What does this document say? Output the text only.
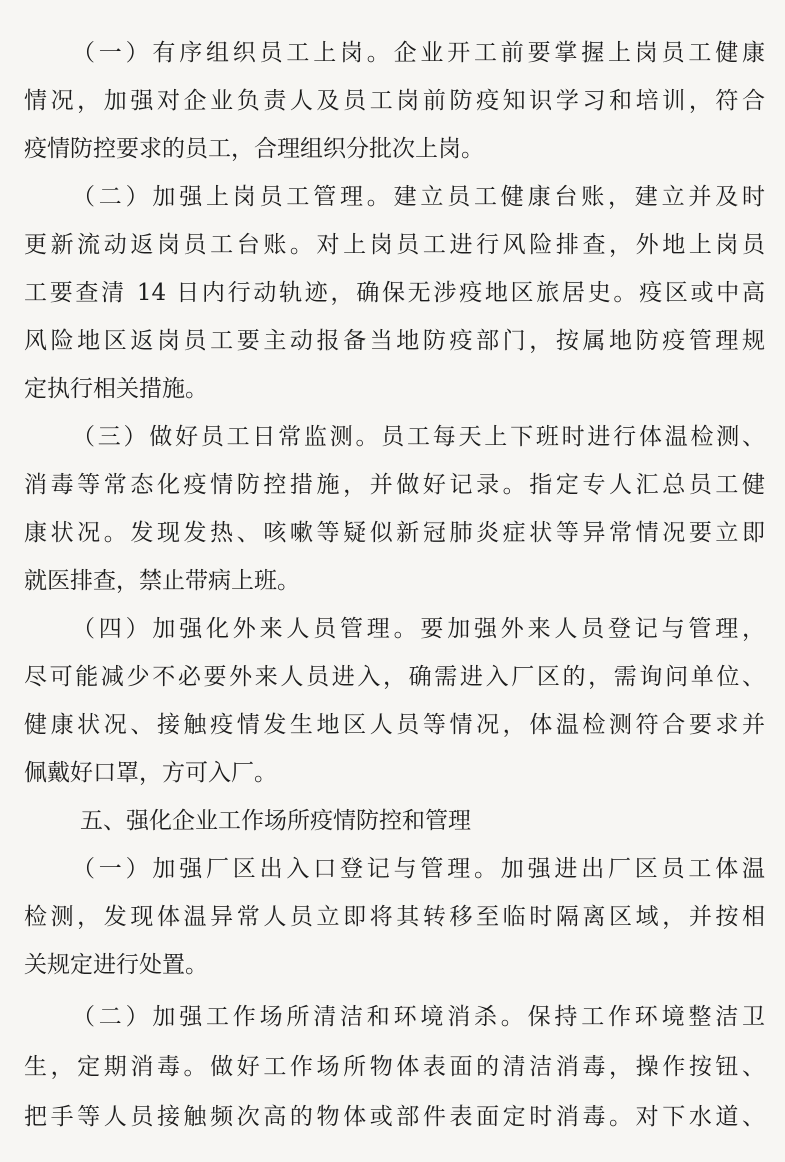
（一）有序组织员工上岗。企业开工前要掌握上岗员工健康
情况，加强对企业负责人及员工岗前防疫知识学习和培训，符合
疫情防控要求的员工，合理组织分批次上岗。
（二）加强上岗员工管理。建立员工健康台账，建立并及时
更新流动返岗员工台账。对上岗员工进行风险排查，外地上岗员
工要查清 14 日内行动轨迹，确保无涉疫地区旅居史。疫区或中高
风险地区返岗员工要主动报备当地防疫部门，按属地防疫管理规
定执行相关措施。
（三）做好员工日常监测。员工每天上下班时进行体温检测、
消毒等常态化疫情防控措施，并做好记录。指定专人汇总员工健
康状况。发现发热、咳嗽等疑似新冠肺炎症状等异常情况要立即
就医排查，禁止带病上班。
（四）加强化外来人员管理。要加强外来人员登记与管理，
尽可能减少不必要外来人员进入，确需进入厂区的，需询问单位、
健康状况、接触疫情发生地区人员等情况，体温检测符合要求并
佩戴好口罩，方可入厂。
五、强化企业工作场所疫情防控和管理
（一）加强厂区出入口登记与管理。加强进出厂区员工体温
检测，发现体温异常人员立即将其转移至临时隔离区域，并按相
关规定进行处置。
（二）加强工作场所清洁和环境消杀。保持工作环境整洁卫
生，定期消毒。做好工作场所物体表面的清洁消毒，操作按钮、
把手等人员接触频次高的物体或部件表面定时消毒。对下水道、
